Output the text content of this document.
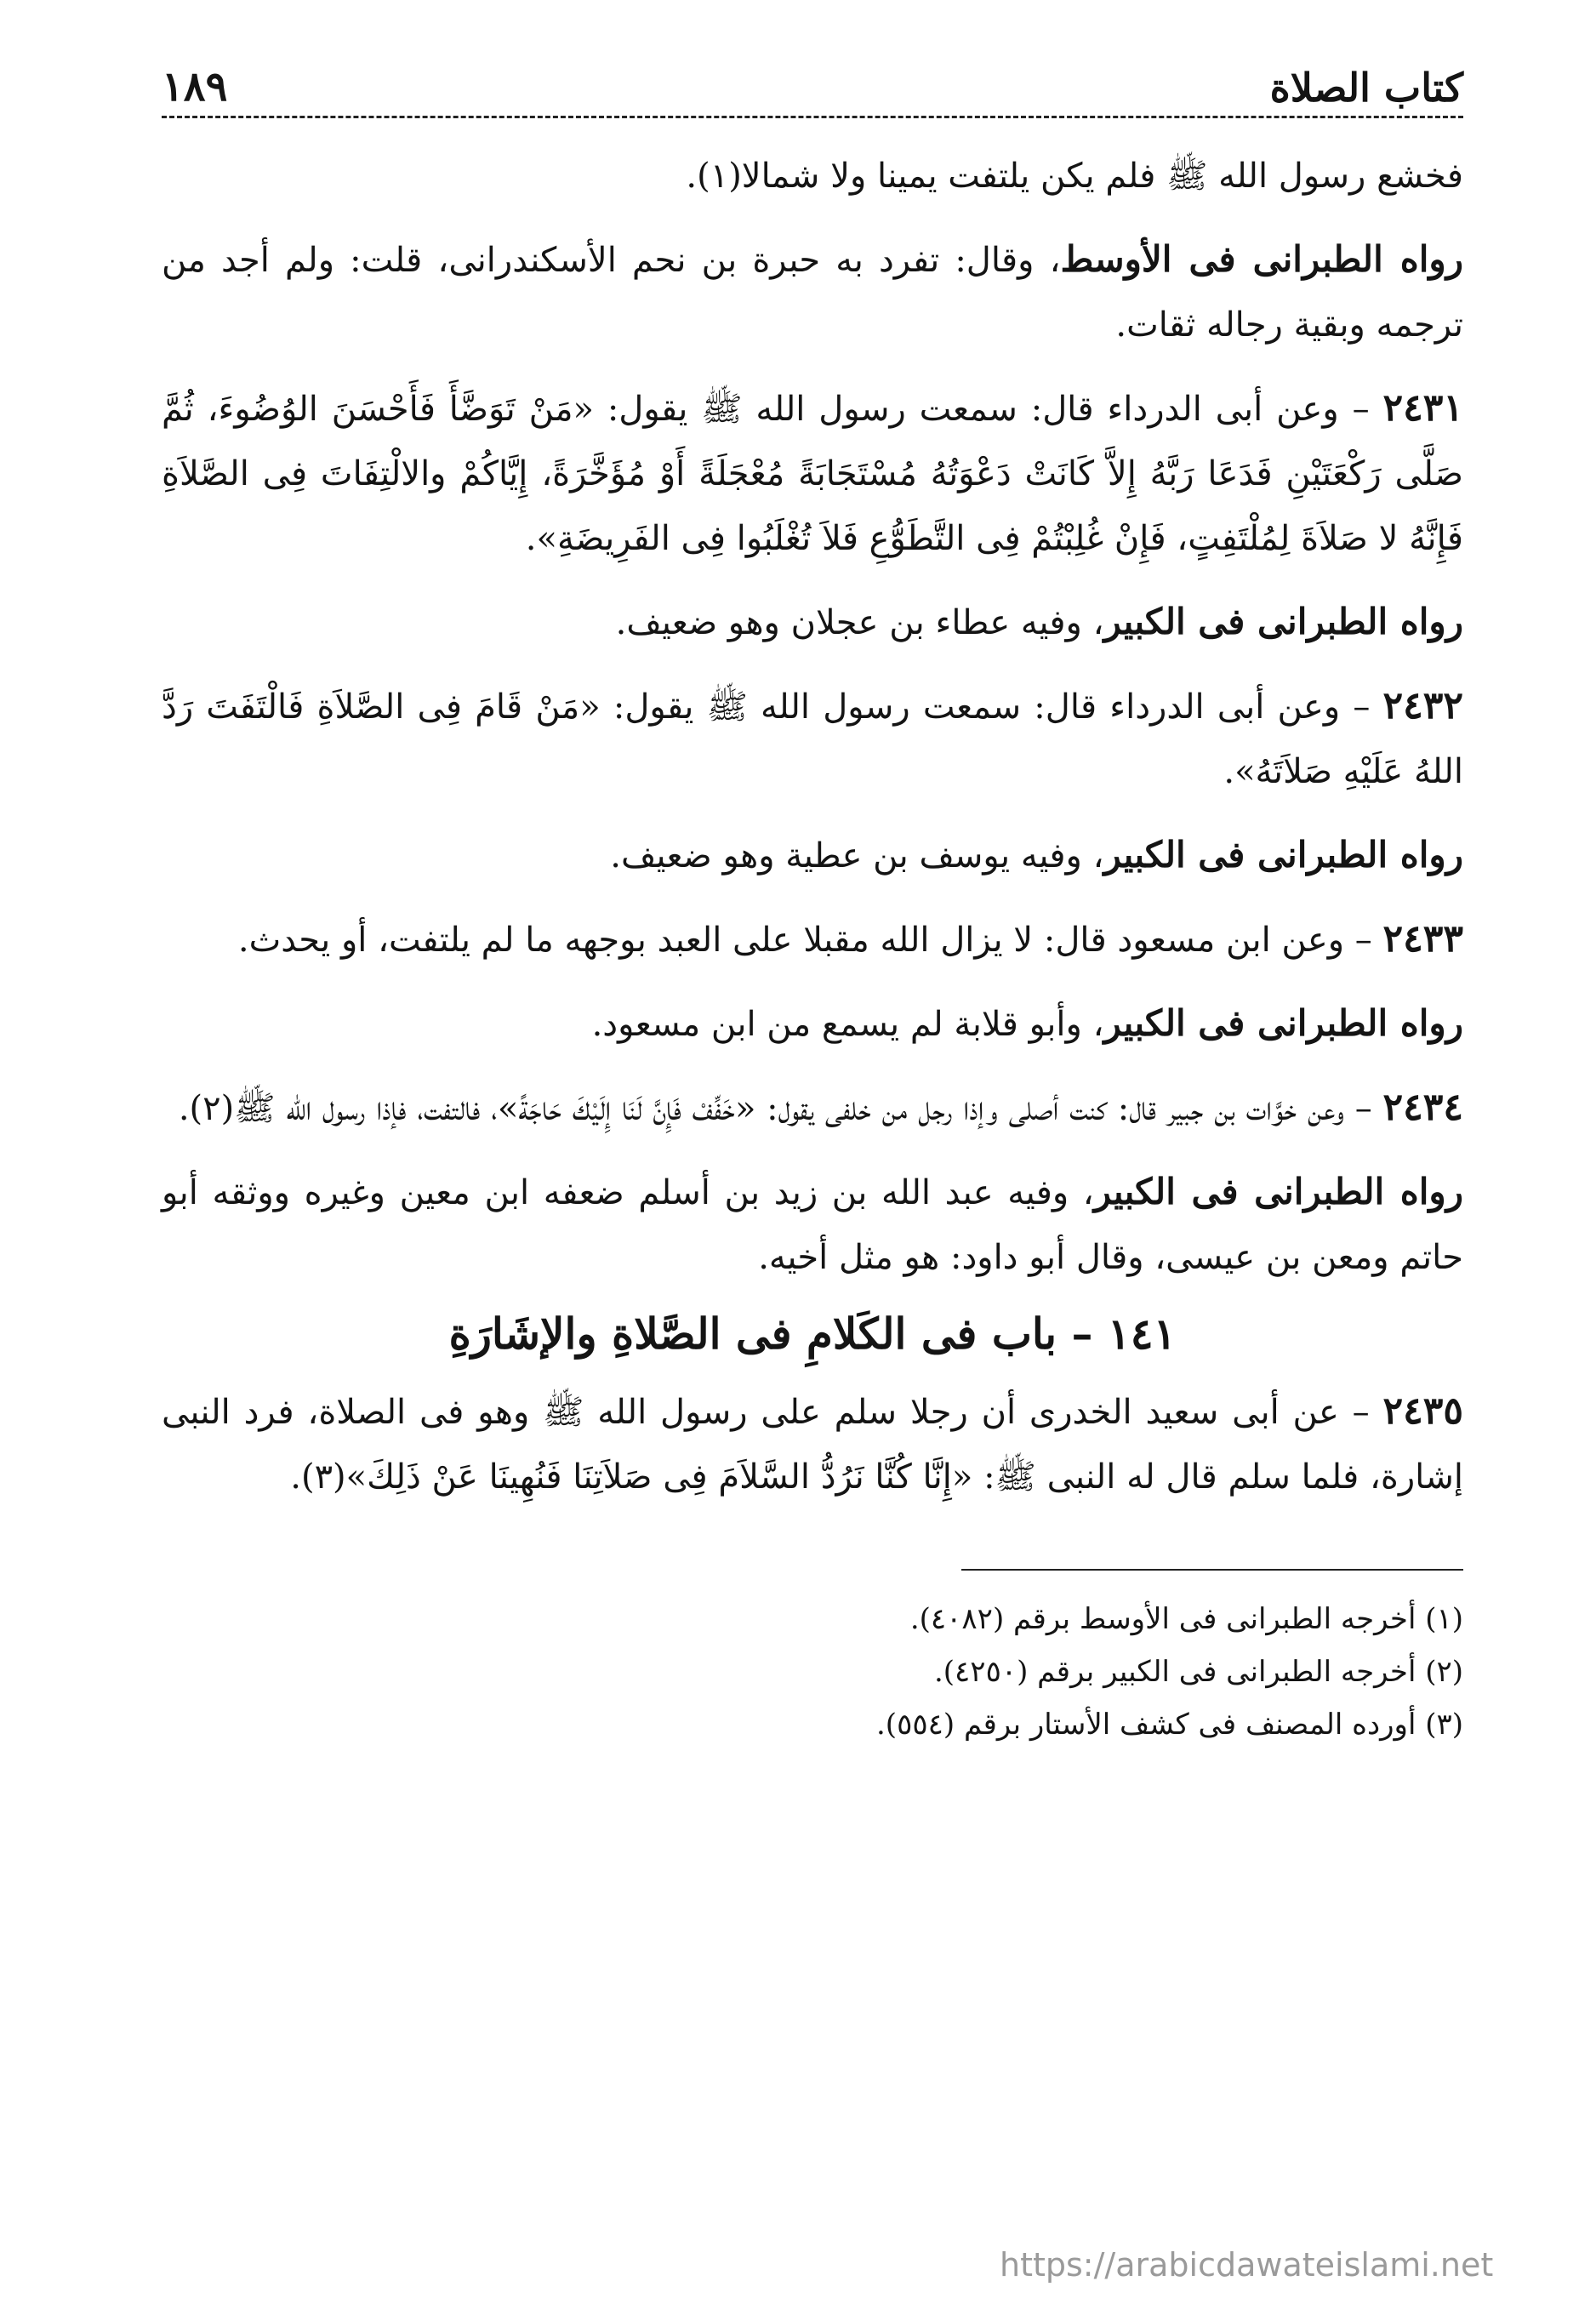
كتاب الصلاة
١٨٩

فخشع رسول الله ﷺ فلم يكن يلتفت يمينا ولا شمالا(١).

رواه الطبرانى فى الأوسط، وقال: تفرد به حبرة بن نحم الأسكندرانى، قلت: ولم أجد من ترجمه وبقية رجاله ثقات.

٢٤٣١ – وعن أبى الدرداء قال: سمعت رسول الله ﷺ يقول: «مَنْ تَوَضَّأَ فَأَحْسَنَ الوُضُوءَ، ثُمَّ صَلَّى رَكْعَتَيْنِ فَدَعَا رَبَّهُ إِلاَّ كَانَتْ دَعْوَتُهُ مُسْتَجَابَةً مُعْجَلَةً أَوْ مُؤَخَّرَةً، إِيَّاكُمْ والالْتِفَاتَ فِى الصَّلاَةِ فَإِنَّهُ لا صَلاَةَ لِمُلْتَفِتٍ، فَإِنْ غُلِبْتُمْ فِى التَّطَوُّعِ فَلاَ تُغْلَبُوا فِى الفَرِيضَةِ».

رواه الطبرانى فى الكبير، وفيه عطاء بن عجلان وهو ضعيف.

٢٤٣٢ – وعن أبى الدرداء قال: سمعت رسول الله ﷺ يقول: «مَنْ قَامَ فِى الصَّلاَةِ فَالْتَفَتَ رَدَّ اللهُ عَلَيْهِ صَلاَتَهُ».

رواه الطبرانى فى الكبير، وفيه يوسف بن عطية وهو ضعيف.

٢٤٣٣ – وعن ابن مسعود قال: لا يزال الله مقبلا على العبد بوجهه ما لم يلتفت، أو يحدث.

رواه الطبرانى فى الكبير، وأبو قلابة لم يسمع من ابن مسعود.

٢٤٣٤ – وعن خوَّات بن جبير قال: كنت أصلى وإذا رجل من خلفى يقول: «خَفِّفْ فَإِنَّ لَنَا إِلَيْكَ حَاجَةً»، فالتفت، فإذا رسول الله ﷺ(٢).

رواه الطبرانى فى الكبير، وفيه عبد الله بن زيد بن أسلم ضعفه ابن معين وغيره ووثقه أبو حاتم ومعن بن عيسى، وقال أبو داود: هو مثل أخيه.

١٤١ – باب فى الكَلامِ فى الصَّلاةِ والإشَارَةِ

٢٤٣٥ – عن أبى سعيد الخدرى أن رجلا سلم على رسول الله ﷺ وهو فى الصلاة، فرد النبى إشارة، فلما سلم قال له النبى ﷺ: «إِنَّا كُنَّا نَرُدُّ السَّلاَمَ فِى صَلاَتِنَا فَنُهِينَا عَنْ ذَلِكَ»(٣).

(١) أخرجه الطبرانى فى الأوسط برقم (٤٠٨٢).

(٢) أخرجه الطبرانى فى الكبير برقم (٤٢٥٠).

(٣) أورده المصنف فى كشف الأستار برقم (٥٥٤).

https://arabicdawateislami.net
